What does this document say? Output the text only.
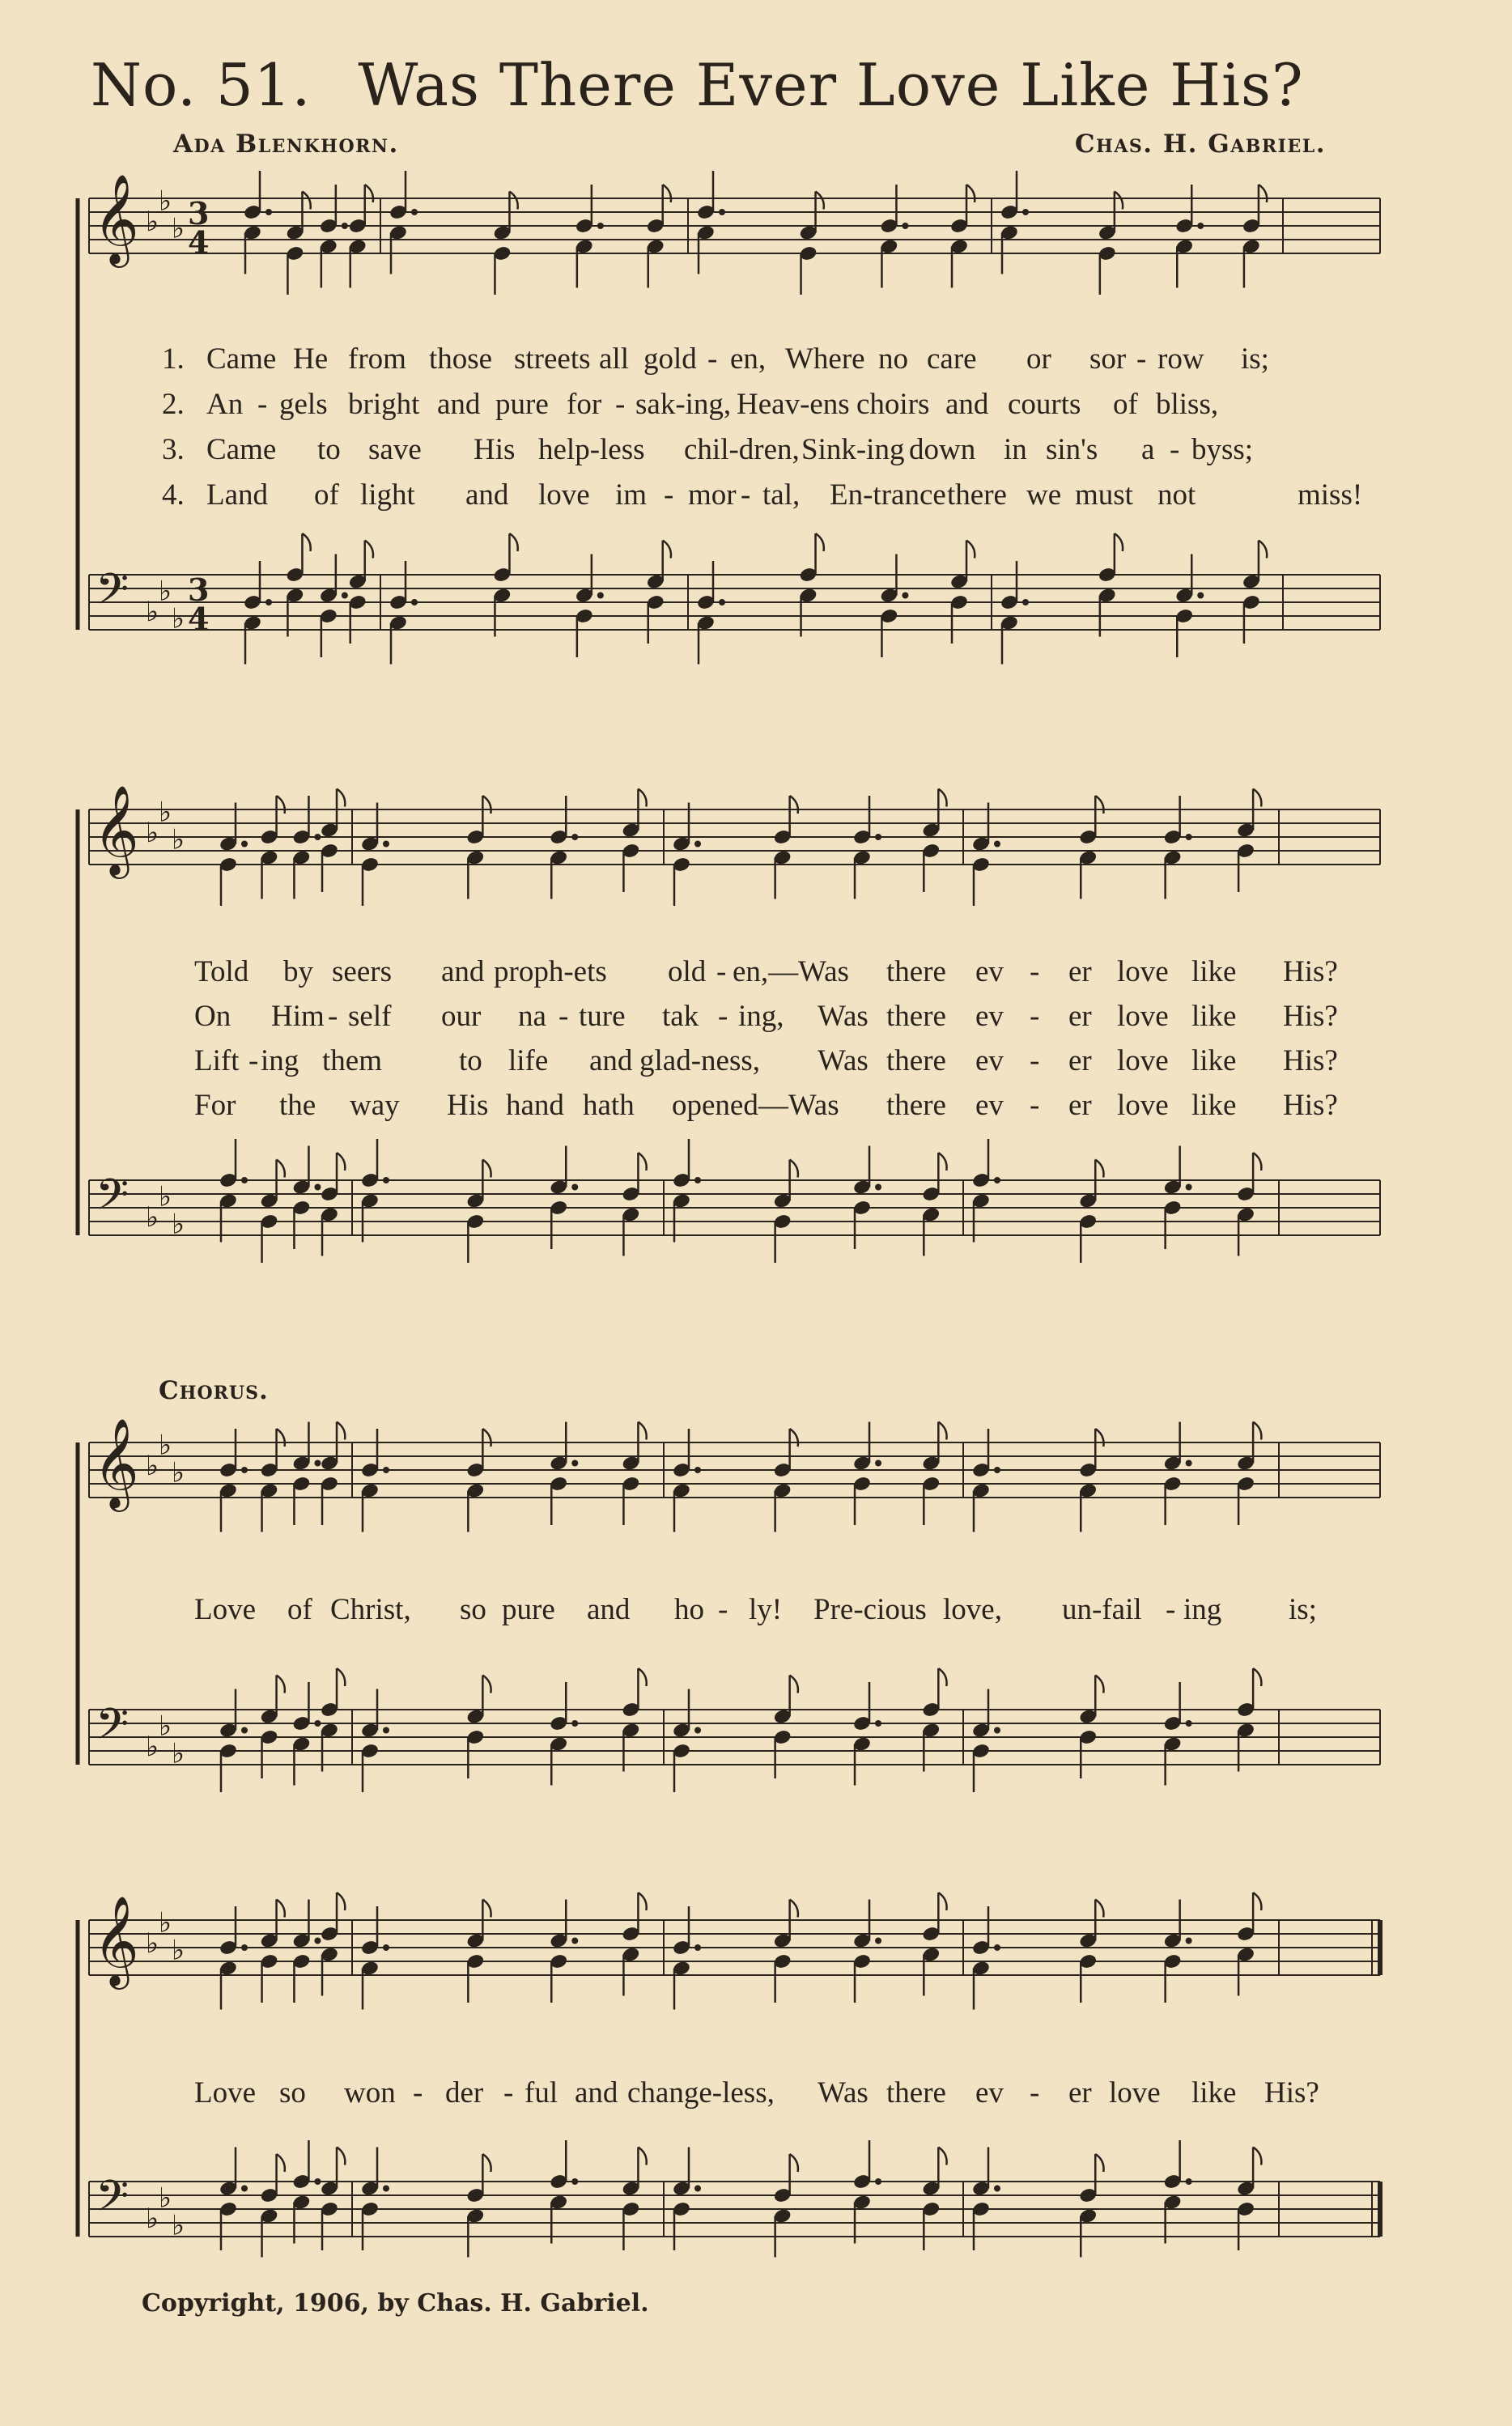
𝄞 ♭
♭
♭ 3
4
𝄢 ♭
♭
♭
3
4
𝄞 ♭
♭
♭
𝄢 ♭
♭
♭
𝄞 ♭
♭
♭
𝄢 ♭
♭
♭
𝄞 ♭
♭
♭
𝄢 ♭
♭
♭
No. 51. Was There Ever Love Like His?
Ada Blenkhorn.	Chas. H. Gabriel.
1. Came He from those streets all gold - en, Where no care or sor - row is;
2. An - gels bright and pure for - sak-ing, Heav-ens choirs and courts of bliss,
3. Came to save His help-less chil-dren, Sink-ing down in sin's a - byss;
4. Land of light and love im - mor - tal, En-trance there we must not	miss!
Told by seers and proph-ets old - en,—Was there ev - er love like His?
On Him - self our na - ture tak - ing, Was there ev - er love like His?
Lift - ing them	to life and glad-ness, Was there ev - er love like His?
For the way His hand hath opened—Was there ev - er love like His?
Chorus.
Love of Christ, so pure and ho - ly! Pre-cious love, un-fail - ing is;
Love so won - der - ful and change-less, Was there ev - er love like His?
Copyright, 1906, by Chas. H. Gabriel.
